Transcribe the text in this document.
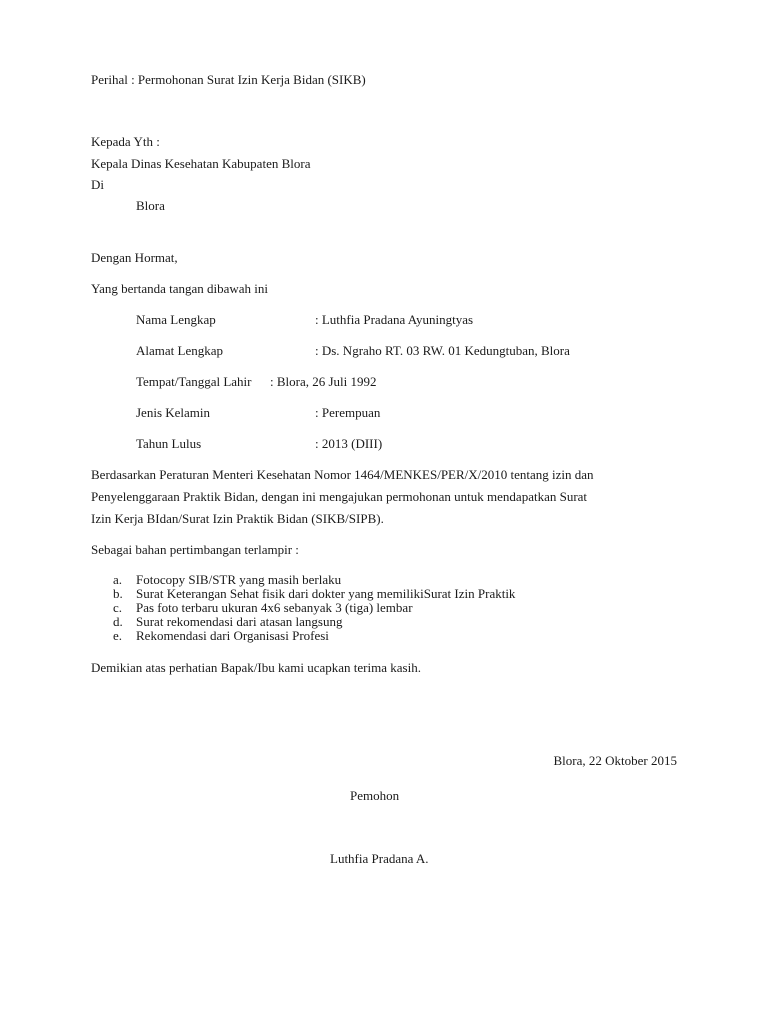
Perihal : Permohonan Surat Izin Kerja Bidan (SIKB)
Kepada Yth :
Kepala Dinas Kesehatan Kabupaten Blora
Di
Blora
Dengan Hormat,
Yang bertanda tangan dibawah ini
Nama Lengkap	: Luthfia Pradana Ayuningtyas
Alamat Lengkap	: Ds. Ngraho RT. 03 RW. 01 Kedungtuban, Blora
Tempat/Tanggal Lahir : Blora, 26 Juli 1992
Jenis Kelamin	: Perempuan
Tahun Lulus	: 2013 (DIII)
Berdasarkan Peraturan Menteri Kesehatan Nomor 1464/MENKES/PER/X/2010 tentang izin dan
Penyelenggaraan Praktik Bidan, dengan ini mengajukan permohonan untuk mendapatkan Surat
Izin Kerja BIdan/Surat Izin Praktik Bidan (SIKB/SIPB).
Sebagai bahan pertimbangan terlampir :
a. Fotocopy SIB/STR yang masih berlaku
b. Surat Keterangan Sehat fisik dari dokter yang memilikiSurat Izin Praktik
c. Pas foto terbaru ukuran 4x6 sebanyak 3 (tiga) lembar
d. Surat rekomendasi dari atasan langsung
e. Rekomendasi dari Organisasi Profesi
Demikian atas perhatian Bapak/Ibu kami ucapkan terima kasih.
Blora, 22 Oktober 2015
Pemohon
Luthfia Pradana A.
